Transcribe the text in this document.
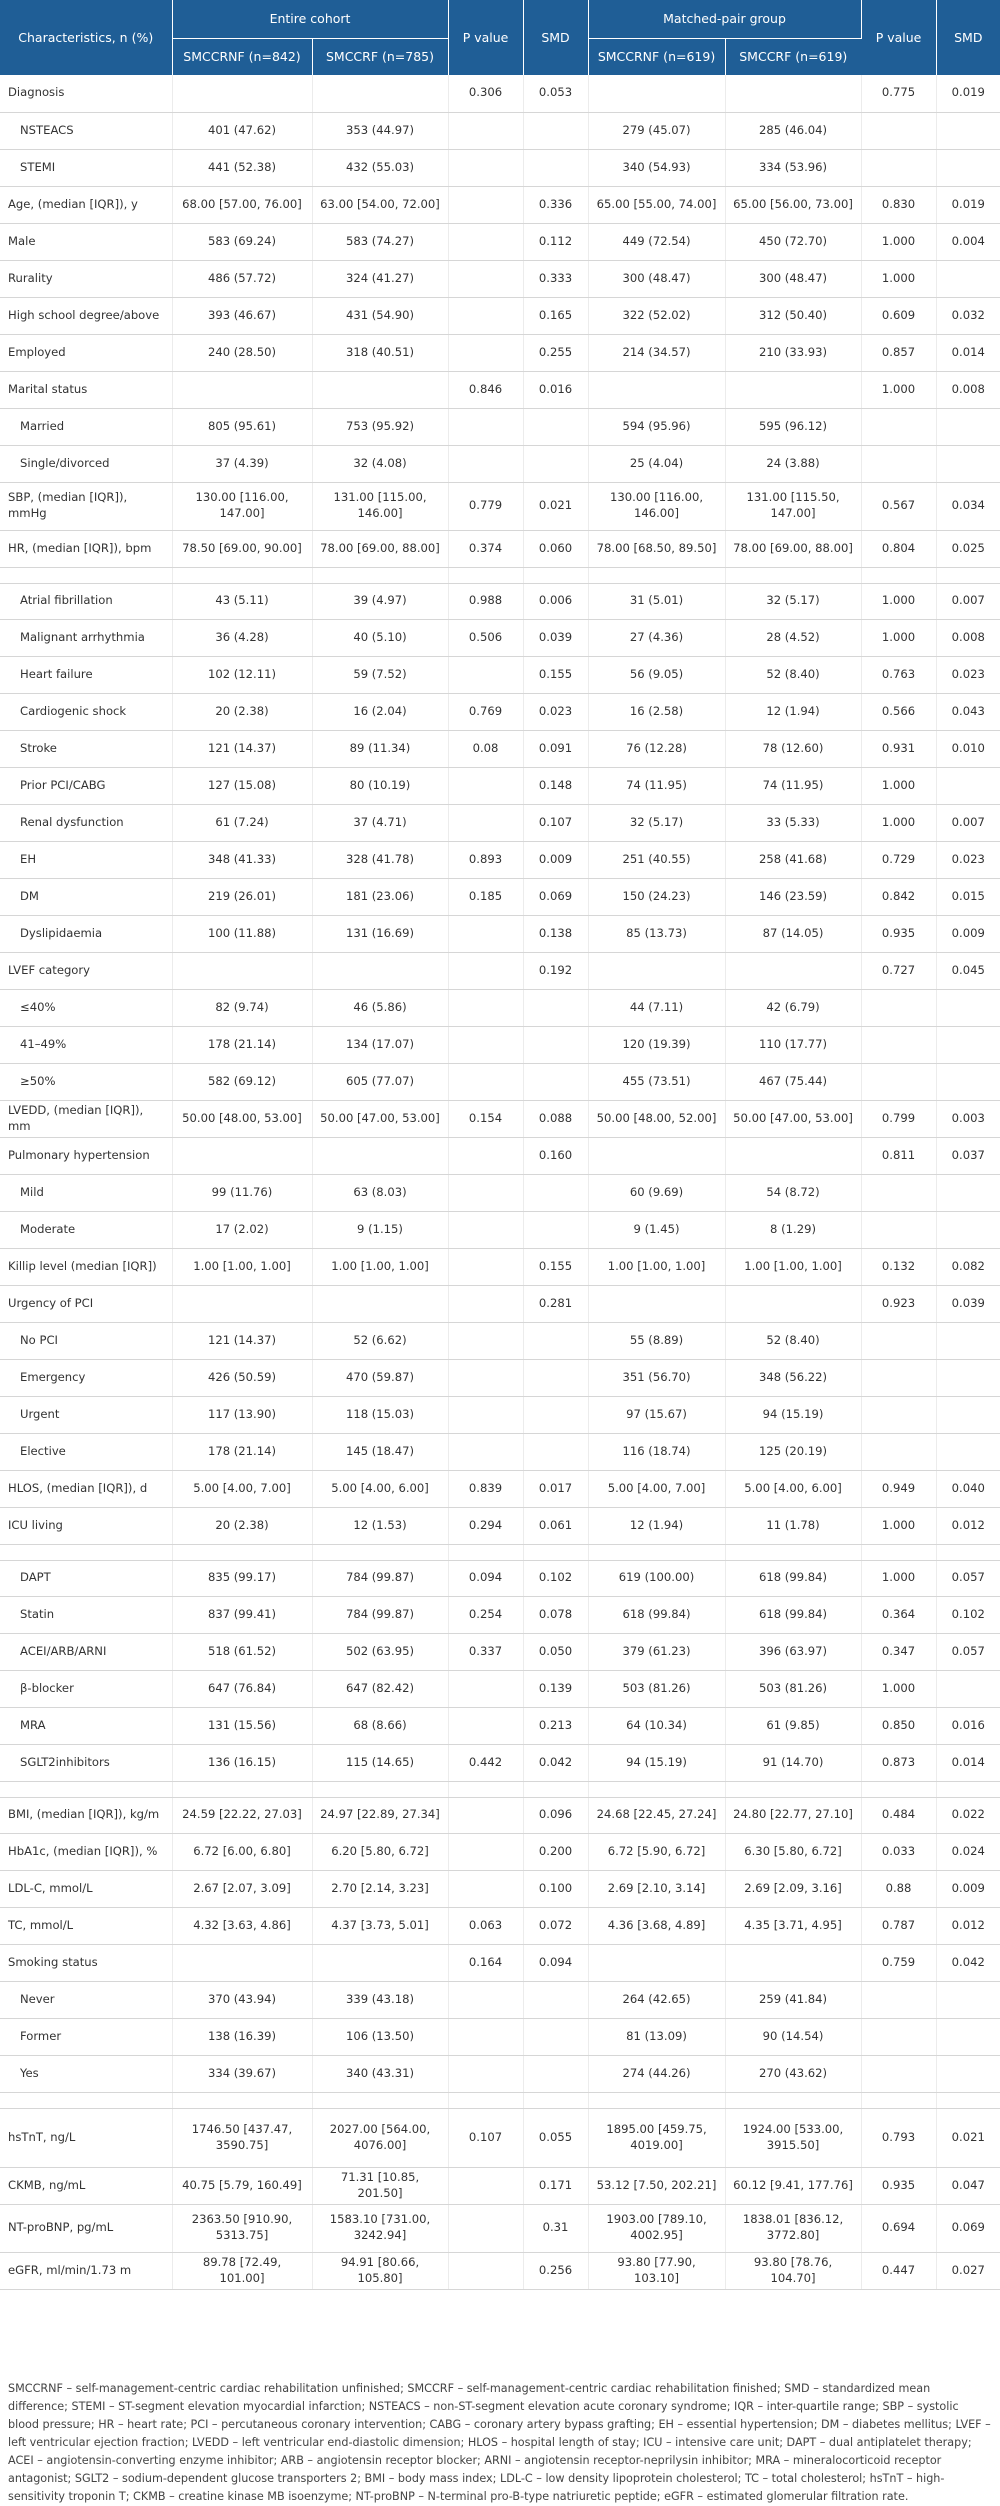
Characteristics, n (%)	Entire cohort		P value	SMD	Matched-pair group		P value	SMD
	SMCCRNF (n=842)	SMCCRF (n=785)			SMCCRNF (n=619)	SMCCRF (n=619)		
Diagnosis			0.306	0.053			0.775	0.019
NSTEACS	401 (47.62)	353 (44.97)			279 (45.07)	285 (46.04)		
STEMI	441 (52.38)	432 (55.03)			340 (54.93)	334 (53.96)		
Age, (median [IQR]), y	68.00 [57.00, 76.00]	63.00 [54.00, 72.00]		0.336	65.00 [55.00, 74.00]	65.00 [56.00, 73.00]	0.830	0.019
Male	583 (69.24)	583 (74.27)		0.112	449 (72.54)	450 (72.70)	1.000	0.004
Rurality	486 (57.72)	324 (41.27)		0.333	300 (48.47)	300 (48.47)	1.000	
High school degree/above	393 (46.67)	431 (54.90)		0.165	322 (52.02)	312 (50.40)	0.609	0.032
Employed	240 (28.50)	318 (40.51)		0.255	214 (34.57)	210 (33.93)	0.857	0.014
Marital status			0.846	0.016			1.000	0.008
Married	805 (95.61)	753 (95.92)			594 (95.96)	595 (96.12)		
Single/divorced	37 (4.39)	32 (4.08)			25 (4.04)	24 (3.88)		
SBP, (median [IQR]), mmHg	130.00 [116.00, 147.00]	131.00 [115.00, 146.00]	0.779	0.021	130.00 [116.00, 146.00]	131.00 [115.50, 147.00]	0.567	0.034
HR, (median [IQR]), bpm	78.50 [69.00, 90.00]	78.00 [69.00, 88.00]	0.374	0.060	78.00 [68.50, 89.50]	78.00 [69.00, 88.00]	0.804	0.025

Atrial fibrillation	43 (5.11)	39 (4.97)	0.988	0.006	31 (5.01)	32 (5.17)	1.000	0.007
Malignant arrhythmia	36 (4.28)	40 (5.10)	0.506	0.039	27 (4.36)	28 (4.52)	1.000	0.008
Heart failure	102 (12.11)	59 (7.52)		0.155	56 (9.05)	52 (8.40)	0.763	0.023
Cardiogenic shock	20 (2.38)	16 (2.04)	0.769	0.023	16 (2.58)	12 (1.94)	0.566	0.043
Stroke	121 (14.37)	89 (11.34)	0.08	0.091	76 (12.28)	78 (12.60)	0.931	0.010
Prior PCI/CABG	127 (15.08)	80 (10.19)		0.148	74 (11.95)	74 (11.95)	1.000	
Renal dysfunction	61 (7.24)	37 (4.71)		0.107	32 (5.17)	33 (5.33)	1.000	0.007
EH	348 (41.33)	328 (41.78)	0.893	0.009	251 (40.55)	258 (41.68)	0.729	0.023
DM	219 (26.01)	181 (23.06)	0.185	0.069	150 (24.23)	146 (23.59)	0.842	0.015
Dyslipidaemia	100 (11.88)	131 (16.69)		0.138	85 (13.73)	87 (14.05)	0.935	0.009
LVEF category				0.192			0.727	0.045
≤40%	82 (9.74)	46 (5.86)			44 (7.11)	42 (6.79)		
41–49%	178 (21.14)	134 (17.07)			120 (19.39)	110 (17.77)		
≥50%	582 (69.12)	605 (77.07)			455 (73.51)	467 (75.44)		
LVEDD, (median [IQR]), mm	50.00 [48.00, 53.00]	50.00 [47.00, 53.00]	0.154	0.088	50.00 [48.00, 52.00]	50.00 [47.00, 53.00]	0.799	0.003
Pulmonary hypertension				0.160			0.811	0.037
Mild	99 (11.76)	63 (8.03)			60 (9.69)	54 (8.72)		
Moderate	17 (2.02)	9 (1.15)			9 (1.45)	8 (1.29)		
Killip level (median [IQR])	1.00 [1.00, 1.00]	1.00 [1.00, 1.00]		0.155	1.00 [1.00, 1.00]	1.00 [1.00, 1.00]	0.132	0.082
Urgency of PCI				0.281			0.923	0.039
No PCI	121 (14.37)	52 (6.62)			55 (8.89)	52 (8.40)		
Emergency	426 (50.59)	470 (59.87)			351 (56.70)	348 (56.22)		
Urgent	117 (13.90)	118 (15.03)			97 (15.67)	94 (15.19)		
Elective	178 (21.14)	145 (18.47)			116 (18.74)	125 (20.19)		
HLOS, (median [IQR]), d	5.00 [4.00, 7.00]	5.00 [4.00, 6.00]	0.839	0.017	5.00 [4.00, 7.00]	5.00 [4.00, 6.00]	0.949	0.040
ICU living	20 (2.38)	12 (1.53)	0.294	0.061	12 (1.94)	11 (1.78)	1.000	0.012

DAPT	835 (99.17)	784 (99.87)	0.094	0.102	619 (100.00)	618 (99.84)	1.000	0.057
Statin	837 (99.41)	784 (99.87)	0.254	0.078	618 (99.84)	618 (99.84)	0.364	0.102
ACEI/ARB/ARNI	518 (61.52)	502 (63.95)	0.337	0.050	379 (61.23)	396 (63.97)	0.347	0.057
β-blocker	647 (76.84)	647 (82.42)		0.139	503 (81.26)	503 (81.26)	1.000	
MRA	131 (15.56)	68 (8.66)		0.213	64 (10.34)	61 (9.85)	0.850	0.016
SGLT2inhibitors	136 (16.15)	115 (14.65)	0.442	0.042	94 (15.19)	91 (14.70)	0.873	0.014

BMI, (median [IQR]), kg/m	24.59 [22.22, 27.03]	24.97 [22.89, 27.34]		0.096	24.68 [22.45, 27.24]	24.80 [22.77, 27.10]	0.484	0.022
HbA1c, (median [IQR]), %	6.72 [6.00, 6.80]	6.20 [5.80, 6.72]		0.200	6.72 [5.90, 6.72]	6.30 [5.80, 6.72]	0.033	0.024
LDL-C, mmol/L	2.67 [2.07, 3.09]	2.70 [2.14, 3.23]		0.100	2.69 [2.10, 3.14]	2.69 [2.09, 3.16]	0.88	0.009
TC, mmol/L	4.32 [3.63, 4.86]	4.37 [3.73, 5.01]	0.063	0.072	4.36 [3.68, 4.89]	4.35 [3.71, 4.95]	0.787	0.012
Smoking status			0.164	0.094			0.759	0.042
Never	370 (43.94)	339 (43.18)			264 (42.65)	259 (41.84)		
Former	138 (16.39)	106 (13.50)			81 (13.09)	90 (14.54)		
Yes	334 (39.67)	340 (43.31)			274 (44.26)	270 (43.62)		

hsTnT, ng/L	1746.50 [437.47, 3590.75]	2027.00 [564.00, 4076.00]	0.107	0.055	1895.00 [459.75, 4019.00]	1924.00 [533.00, 3915.50]	0.793	0.021
CKMB, ng/mL	40.75 [5.79, 160.49]	71.31 [10.85, 201.50]		0.171	53.12 [7.50, 202.21]	60.12 [9.41, 177.76]	0.935	0.047
NT-proBNP, pg/mL	2363.50 [910.90, 5313.75]	1583.10 [731.00, 3242.94]		0.31	1903.00 [789.10, 4002.95]	1838.01 [836.12, 3772.80]	0.694	0.069
eGFR, ml/min/1.73 m	89.78 [72.49, 101.00]	94.91 [80.66, 105.80]		0.256	93.80 [77.90, 103.10]	93.80 [78.76, 104.70]	0.447	0.027

SMCCRNF – self-management-centric cardiac rehabilitation unfinished; SMCCRF – self-management-centric cardiac rehabilitation finished; SMD – standardized mean difference; STEMI – ST-segment elevation myocardial infarction; NSTEACS – non-ST-segment elevation acute coronary syndrome; IQR – inter-quartile range; SBP – systolic blood pressure; HR – heart rate; PCI – percutaneous coronary intervention; CABG – coronary artery bypass grafting; EH – essential hypertension; DM – diabetes mellitus; LVEF – left ventricular ejection fraction; LVEDD – left ventricular end-diastolic dimension; HLOS – hospital length of stay; ICU – intensive care unit; DAPT – dual antiplatelet therapy; ACEI – angiotensin-converting enzyme inhibitor; ARB – angiotensin receptor blocker; ARNI – angiotensin receptor-neprilysin inhibitor; MRA – mineralocorticoid receptor antagonist; SGLT2 – sodium-dependent glucose transporters 2; BMI – body mass index; LDL-C – low density lipoprotein cholesterol; TC – total cholesterol; hsTnT – high-sensitivity troponin T; CKMB – creatine kinase MB isoenzyme; NT-proBNP – N-terminal pro-B-type natriuretic peptide; eGFR – estimated glomerular filtration rate.
